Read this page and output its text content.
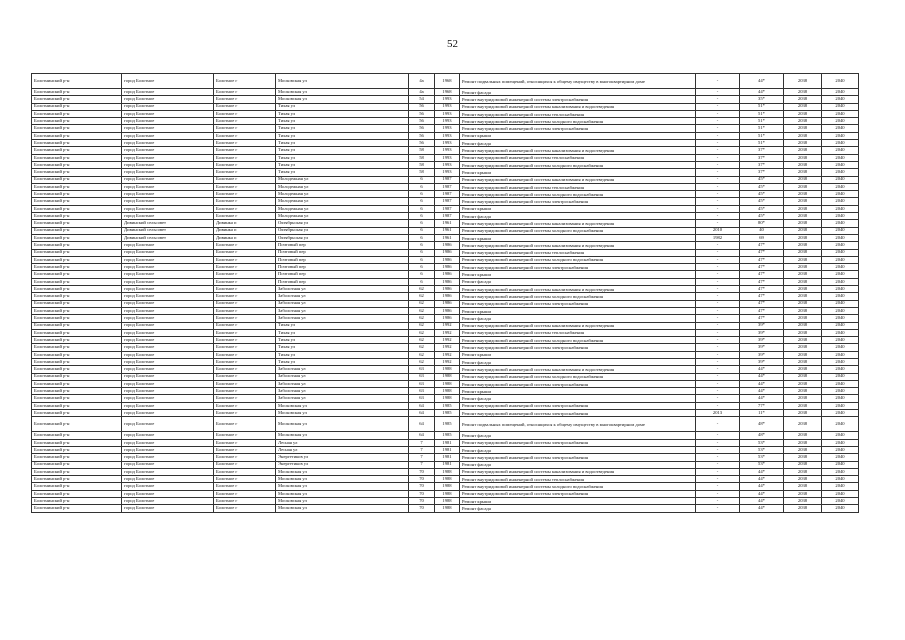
52
Болотнинский р-н	город Болотное	Болотное г	Московская ул	4а	1968	Ремонт подвальных помещений, относящихся к общему имуществу в многоквартирном доме	-	44*	2038	2040
Болотнинский р-н	город Болотное	Болотное г	Московская ул	4а	1968	Ремонт фасада	-	44*	2038	2040
Болотнинский р-н	город Болотное	Болотное г	Московская ул	54	1993	Ремонт внутридомовой инженерной системы электроснабжения	-	35*	2038	2040
Болотнинский р-н	город Болотное	Болотное г	Тихая ул	56	1993	Ремонт внутридомовой инженерной системы канализования и водоотведения	-	51*	2038	2040
Болотнинский р-н	город Болотное	Болотное г	Тихая ул	56	1993	Ремонт внутридомовой инженерной системы теплоснабжения	-	51*	2038	2040
Болотнинский р-н	город Болотное	Болотное г	Тихая ул	56	1993	Ремонт внутридомовой инженерной системы холодного водоснабжения	-	51*	2038	2040
Болотнинский р-н	город Болотное	Болотное г	Тихая ул	56	1993	Ремонт внутридомовой инженерной системы электроснабжения	-	51*	2038	2040
Болотнинский р-н	город Болотное	Болотное г	Тихая ул	56	1993	Ремонт крыши	-	51*	2038	2040
Болотнинский р-н	город Болотное	Болотное г	Тихая ул	56	1993	Ремонт фасада	-	51*	2038	2040
Болотнинский р-н	город Болотное	Болотное г	Тихая ул	58	1993	Ремонт внутридомовой инженерной системы канализования и водоотведения	-	37*	2038	2040
Болотнинский р-н	город Болотное	Болотное г	Тихая ул	58	1993	Ремонт внутридомовой инженерной системы теплоснабжения	-	37*	2038	2040
Болотнинский р-н	город Болотное	Болотное г	Тихая ул	58	1993	Ремонт внутридомовой инженерной системы холодного водоснабжения	-	37*	2038	2040
Болотнинский р-н	город Болотное	Болотное г	Тихая ул	58	1993	Ремонт крыши	-	37*	2038	2040
Болотнинский р-н	город Болотное	Болотное г	Молодежная ул	6	1987	Ремонт внутридомовой инженерной системы канализования и водоотведения	-	45*	2038	2040
Болотнинский р-н	город Болотное	Болотное г	Молодежная ул	6	1987	Ремонт внутридомовой инженерной системы теплоснабжения	-	45*	2038	2040
Болотнинский р-н	город Болотное	Болотное г	Молодежная ул	6	1987	Ремонт внутридомовой инженерной системы холодного водоснабжения	-	45*	2038	2040
Болотнинский р-н	город Болотное	Болотное г	Молодежная ул	6	1987	Ремонт внутридомовой инженерной системы электроснабжения	-	45*	2038	2040
Болотнинский р-н	город Болотное	Болотное г	Молодежная ул	6	1987	Ремонт крыши	-	45*	2038	2040
Болотнинский р-н	город Болотное	Болотное г	Молодежная ул	6	1987	Ремонт фасада	-	45*	2038	2040
Болотнинский р-н	Дивинский сельсовет	Дивинка п	Октябрьская ул	6	1961	Ремонт внутридомовой инженерной системы канализования и водоотведения	-	80*	2038	2040
Болотнинский р-н	Дивинский сельсовет	Дивинка п	Октябрьская ул	6	1961	Ремонт внутридомовой инженерной системы холодного водоснабжения	2010	40	2038	2040
Болотнинский р-н	Дивинский сельсовет	Дивинка п	Октябрьская ул	6	1961	Ремонт крыши	1982	69	2038	2040
Болотнинский р-н	город Болотное	Болотное г	Почтовый пер	6	1986	Ремонт внутридомовой инженерной системы канализования и водоотведения	-	47*	2038	2040
Болотнинский р-н	город Болотное	Болотное г	Почтовый пер	6	1986	Ремонт внутридомовой инженерной системы теплоснабжения	-	47*	2038	2040
Болотнинский р-н	город Болотное	Болотное г	Почтовый пер	6	1986	Ремонт внутридомовой инженерной системы холодного водоснабжения	-	47*	2038	2040
Болотнинский р-н	город Болотное	Болотное г	Почтовый пер	6	1986	Ремонт внутридомовой инженерной системы электроснабжения	-	47*	2038	2040
Болотнинский р-н	город Болотное	Болотное г	Почтовый пер	6	1986	Ремонт крыши	-	47*	2038	2040
Болотнинский р-н	город Болотное	Болотное г	Почтовый пер	6	1986	Ремонт фасада	-	47*	2038	2040
Болотнинский р-н	город Болотное	Болотное г	Заболотная ул	62	1986	Ремонт внутридомовой инженерной системы канализования и водоотведения	-	47*	2038	2040
Болотнинский р-н	город Болотное	Болотное г	Заболотная ул	62	1986	Ремонт внутридомовой инженерной системы холодного водоснабжения	-	47*	2038	2040
Болотнинский р-н	город Болотное	Болотное г	Заболотная ул	62	1986	Ремонт внутридомовой инженерной системы электроснабжения	-	47*	2038	2040
Болотнинский р-н	город Болотное	Болотное г	Заболотная ул	62	1986	Ремонт крыши	-	47*	2038	2040
Болотнинский р-н	город Болотное	Болотное г	Заболотная ул	62	1986	Ремонт фасада	-	47*	2038	2040
Болотнинский р-н	город Болотное	Болотное г	Тихая ул	62	1992	Ремонт внутридомовой инженерной системы канализования и водоотведения	-	39*	2038	2040
Болотнинский р-н	город Болотное	Болотное г	Тихая ул	62	1992	Ремонт внутридомовой инженерной системы теплоснабжения	-	39*	2038	2040
Болотнинский р-н	город Болотное	Болотное г	Тихая ул	62	1992	Ремонт внутридомовой инженерной системы холодного водоснабжения	-	39*	2038	2040
Болотнинский р-н	город Болотное	Болотное г	Тихая ул	62	1992	Ремонт внутридомовой инженерной системы электроснабжения	-	39*	2038	2040
Болотнинский р-н	город Болотное	Болотное г	Тихая ул	62	1992	Ремонт крыши	-	39*	2038	2040
Болотнинский р-н	город Болотное	Болотное г	Тихая ул	62	1992	Ремонт фасада	-	39*	2038	2040
Болотнинский р-н	город Болотное	Болотное г	Заболотная ул	63	1988	Ремонт внутридомовой инженерной системы канализования и водоотведения	-	44*	2038	2040
Болотнинский р-н	город Болотное	Болотное г	Заболотная ул	63	1988	Ремонт внутридомовой инженерной системы холодного водоснабжения	-	44*	2038	2040
Болотнинский р-н	город Болотное	Болотное г	Заболотная ул	63	1988	Ремонт внутридомовой инженерной системы электроснабжения	-	44*	2038	2040
Болотнинский р-н	город Болотное	Болотное г	Заболотная ул	63	1988	Ремонт крыши	-	44*	2038	2040
Болотнинский р-н	город Болотное	Болотное г	Заболотная ул	63	1988	Ремонт фасада	-	44*	2038	2040
Болотнинский р-н	город Болотное	Болотное г	Московская ул	64	1985	Ремонт внутридомовой инженерной системы электроснабжения	-	77*	2038	2040
Болотнинский р-н	город Болотное	Болотное г	Московская ул	64	1985	Ремонт внутридомовой инженерной системы электроснабжения	2013	11*	2038	2040
Болотнинский р-н	город Болотное	Болотное г	Московская ул	64	1985	Ремонт подвальных помещений, относящихся к общему имуществу в многоквартирном доме	-	48*	2038	2040
Болотнинский р-н	город Болотное	Болотное г	Московская ул	64	1985	Ремонт фасада	-	48*	2038	2040
Болотнинский р-н	город Болотное	Болотное г	Лесная ул	7	1981	Ремонт внутридомовой инженерной системы электроснабжения	-	53*	2038	2040
Болотнинский р-н	город Болотное	Болотное г	Лесная ул	7	1981	Ремонт фасада	-	53*	2038	2040
Болотнинский р-н	город Болотное	Болотное г	Энергетиков ул	7	1981	Ремонт внутридомовой инженерной системы электроснабжения	-	53*	2038	2040
Болотнинский р-н	город Болотное	Болотное г	Энергетиков ул	7	1981	Ремонт фасада	-	53*	2038	2040
Болотнинский р-н	город Болотное	Болотное г	Московская ул	70	1988	Ремонт внутридомовой инженерной системы канализования и водоотведения	-	44*	2038	2040
Болотнинский р-н	город Болотное	Болотное г	Московская ул	70	1988	Ремонт внутридомовой инженерной системы теплоснабжения	-	44*	2038	2040
Болотнинский р-н	город Болотное	Болотное г	Московская ул	70	1988	Ремонт внутридомовой инженерной системы холодного водоснабжения	-	44*	2038	2040
Болотнинский р-н	город Болотное	Болотное г	Московская ул	70	1988	Ремонт внутридомовой инженерной системы электроснабжения	-	44*	2038	2040
Болотнинский р-н	город Болотное	Болотное г	Московская ул	70	1988	Ремонт крыши	-	44*	2038	2040
Болотнинский р-н	город Болотное	Болотное г	Московская ул	70	1988	Ремонт фасада	-	44*	2038	2040
